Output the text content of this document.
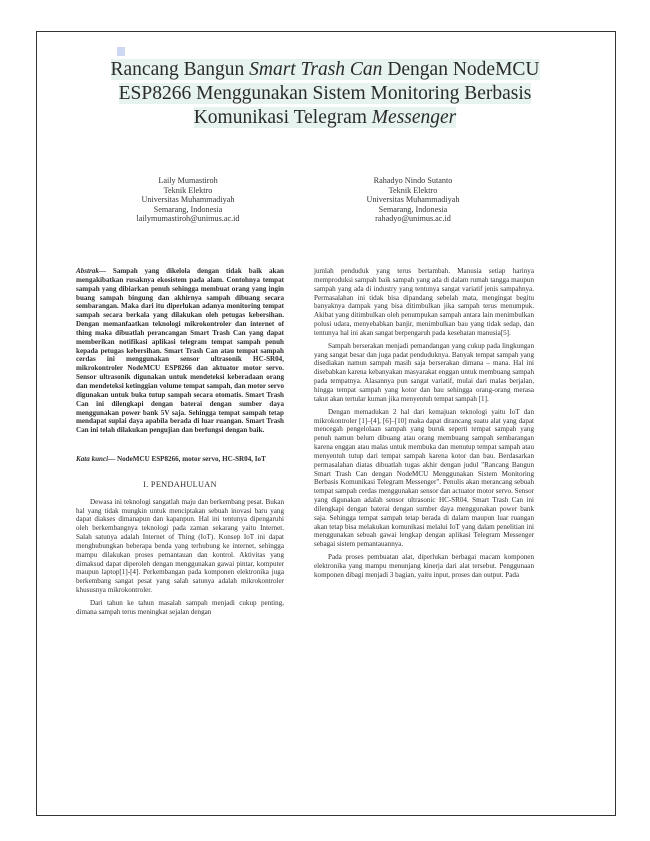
Rancang Bangun Smart Trash Can Dengan NodeMCU ESP8266 Menggunakan Sistem Monitoring Berbasis Komunikasi Telegram Messenger
Laily Mumastiroh
Teknik Elektro
Universitas Muhammadiyah
Semarang, Indonesia
lailymumastiroh@unimus.ac.id
Rahadyo Nindo Sutanto
Teknik Elektro
Universitas Muhammadiyah
Semarang, Indonesia
rahadyo@unimus.ac.id

Abstrak— Sampah yang dikelola dengan tidak baik akan mengakibatkan rusaknya ekosistem pada alam. Contohnya tempat sampah yang dibiarkan penuh sehingga membuat orang yang ingin buang sampah bingung dan akhirnya sampah dibuang secara sembarangan. Maka dari itu diperlukan adanya monitoring tempat sampah secara berkala yang dilakukan oleh petugas kebersihan. Dengan memanfaatkan teknologi mikrokontroler dan internet of thing maka dibuatlah perancangan Smart Trash Can yang dapat memberikan notifikasi aplikasi telegram tempat sampah penuh kepada petugas kebersihan. Smart Trash Can atau tempat sampah cerdas ini menggunakan sensor ultrasonik HC-SR04, mikrokontroler NodeMCU ESP8266 dan aktuator motor servo. Sensor ultrasonik digunakan untuk mendeteksi keberadaan orang dan mendeteksi ketinggian volume tempat sampah, dan motor servo digunakan untuk buka tutup sampah secara otomatis. Smart Trash Can ini dilengkapi dengan baterai dengan sumber daya menggunakan power bank 5V saja. Sehingga tempat sampah tetap mendapat suplai daya apabila berada di luar ruangan. Smart Trash Can ini telah dilakukan pengujian dan berfungsi dengan baik.

Kata kunci— NodeMCU ESP8266, motor servo, HC-SR04, IoT

I. PENDAHULUAN

Dewasa ini teknologi sangatlah maju dan berkembang pesat. Bukan hal yang tidak mungkin untuk menciptakan sebuah inovasi baru yang dapat diakses dimanapun dan kapanpun. Hal ini tentunya dipengaruhi oleh berkembangnya teknologi pada zaman sekarang yaitu Internet. Salah satunya adalah Internet of Thing (IoT). Konsep IoT ini dapat menghubungkan beberapa benda yang terhubung ke internet, sehingga mampu dilakukan proses pemantauan dan kontrol. Aktivitas yang dimaksud dapat diperoleh dengan menggunakan gawai pintar, komputer maupun laptop[1]-[4]. Perkembangan pada komponen elektronika juga berkembang sangat pesat yang salah satunya adalah mikrokontroler khususnya mikrokontroler.

Dari tahun ke tahun masalah sampah menjadi cukup penting, dimana sampah terus meningkat sejalan dengan

jumlah penduduk yang terus bertambah. Manusia setiap harinya memproduksi sampah baik sampah yang ada di dalam rumah tangga maupun sampah yang ada di industry yang tentunya sangat variatif jenis sampahnya. Permasalahan ini tidak bisa dipandang sebelah mata, mengingat begitu banyaknya dampak yang bisa ditimbulkan jika sampah terus menumpuk. Akibat yang ditimbulkan oleh penumpukan sampah antara lain menimbulkan polusi udara, menyebabkan banjir, menimbulkan bau yang tidak sedap, dan tentunya hal ini akan sangat berpengaruh pada kesehatan manusia[5].

Sampah berserakan menjadi pemandangan yang cukup pada lingkungan yang sangat besar dan juga padat penduduknya. Banyak tempat sampah yang disediakan namun sampah masih saja berserakan dimana – mana. Hal ini disebabkan karena kebanyakan masyarakat enggan untuk membuang sampah pada tempatnya. Alasannya pun sangat variatif, mulai dari malas berjalan, hingga tempat sampah yang kotor dan bau sehingga orang-orang merasa takut akan tertular kuman jika menyentuh tempat sampah [1].

Dengan memadukan 2 hal dari kemajuan teknologi yaitu IoT dan mikrokontroler [1]–[4], [6]–[10] maka dapat dirancang suatu alat yang dapat mencegah pengelolaan sampah yang buruk seperti tempat sampah yang penuh namun belum dibuang atau orang membuang sampah sembarangan karena enggan atau malas untuk membuka dan menutup tempat sampah atau menyentuh tutup dari tempat sampah karena kotor dan bau. Berdasarkan permasalahan diatas dibuatlah tugas akhir dengan judul "Rancang Bangun Smart Trash Can dengan NodeMCU Menggunakan Sistem Monitoring Berbasis Komunikasi Telegram Messenger". Penulis akan merancang sebuah tempat sampah cerdas menggunakan sensor dan actuator motor servo. Sensor yang digunakan adalah sensor ultrasonic HC-SR04. Smart Trash Can ini dilengkapi dengan baterai dengan sumber daya menggunakan power bank saja. Sehingga tempat sampah tetap berada di dalam maupun luar ruangan akan tetap bisa melakukan komunikasi melalui IoT yang dalam penelitian ini menggunakan sebuah gawai lengkap dengan aplikasi Telegram Messenger sebagai sistem pemantauannya.

Pada proses pembuatan alat, diperlukan berbagai macam komponen elektronika yang mampu menunjang kinerja dari alat tersebut. Penggunaan komponen dibagi menjadi 3 bagian, yaitu input, proses dan output. Pada
